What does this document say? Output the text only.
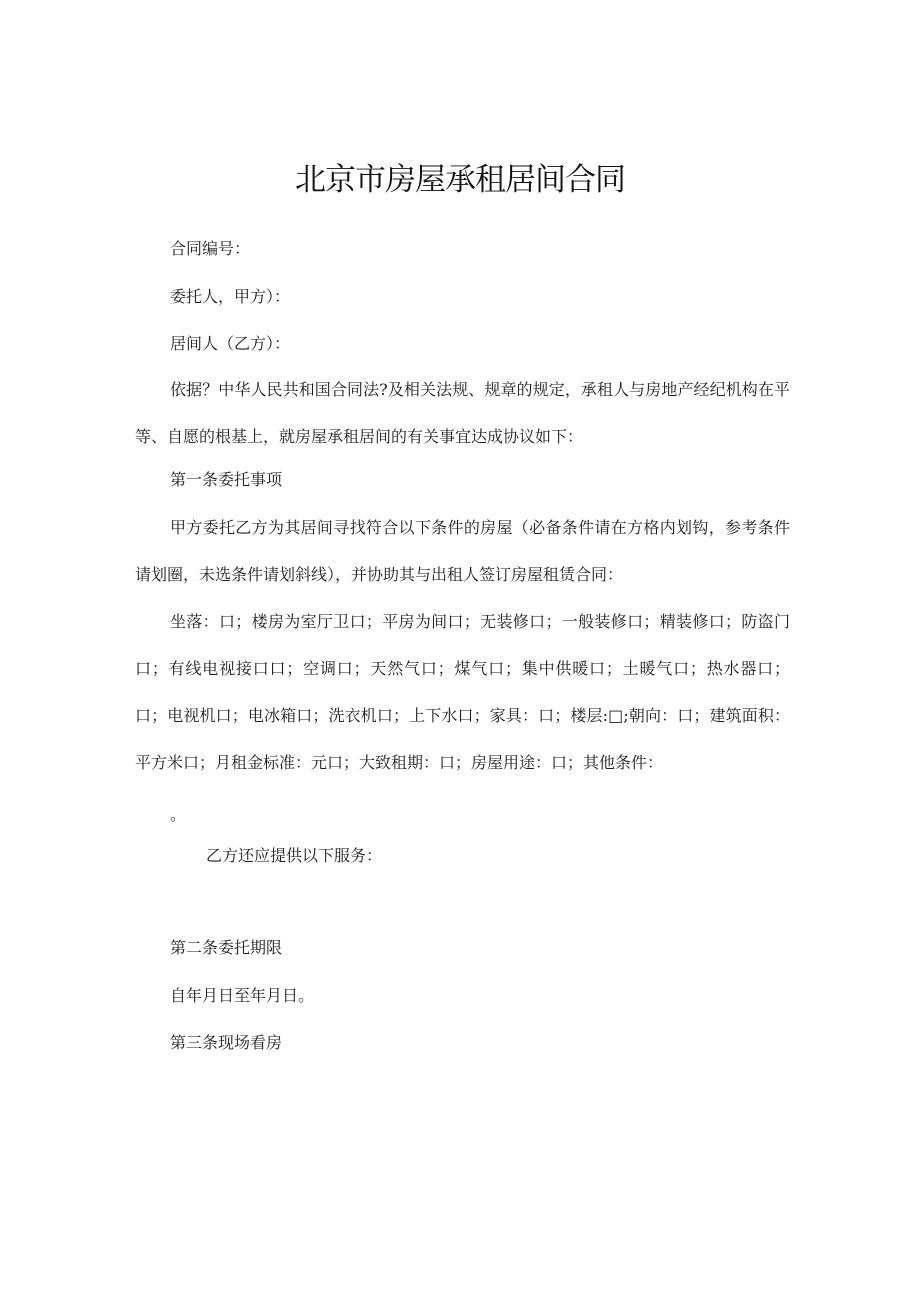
北京市房屋承租居间合同
合同编号：
委托人，甲方）：
居间人（乙方）：
依据？中华人民共和国合同法?及相关法规、规章的规定，承租人与房地产经纪机构在平等、自愿的根基上，就房屋承租居间的有关事宜达成协议如下：
第一条委托事项
甲方委托乙方为其居间寻找符合以下条件的房屋（必备条件请在方格内划钩，参考条件请划圈，未选条件请划斜线），并协助其与出租人签订房屋租赁合同：
坐落：口；楼房为室厅卫口；平房为间口；无装修口；一般装修口；精装修口；防盗门口；有线电视接口口；空调口；天然气口；煤气口；集中供暖口；土暖气口；热水器口；口；电视机口；电冰箱口；洗衣机口；上下水口；家具：口；楼层:□;朝向：口；建筑面积：平方米口；月租金标准：元口；大致租期：口；房屋用途：口；其他条件：
。
乙方还应提供以下服务：
第二条委托期限
自年月日至年月日。
第三条现场看房
